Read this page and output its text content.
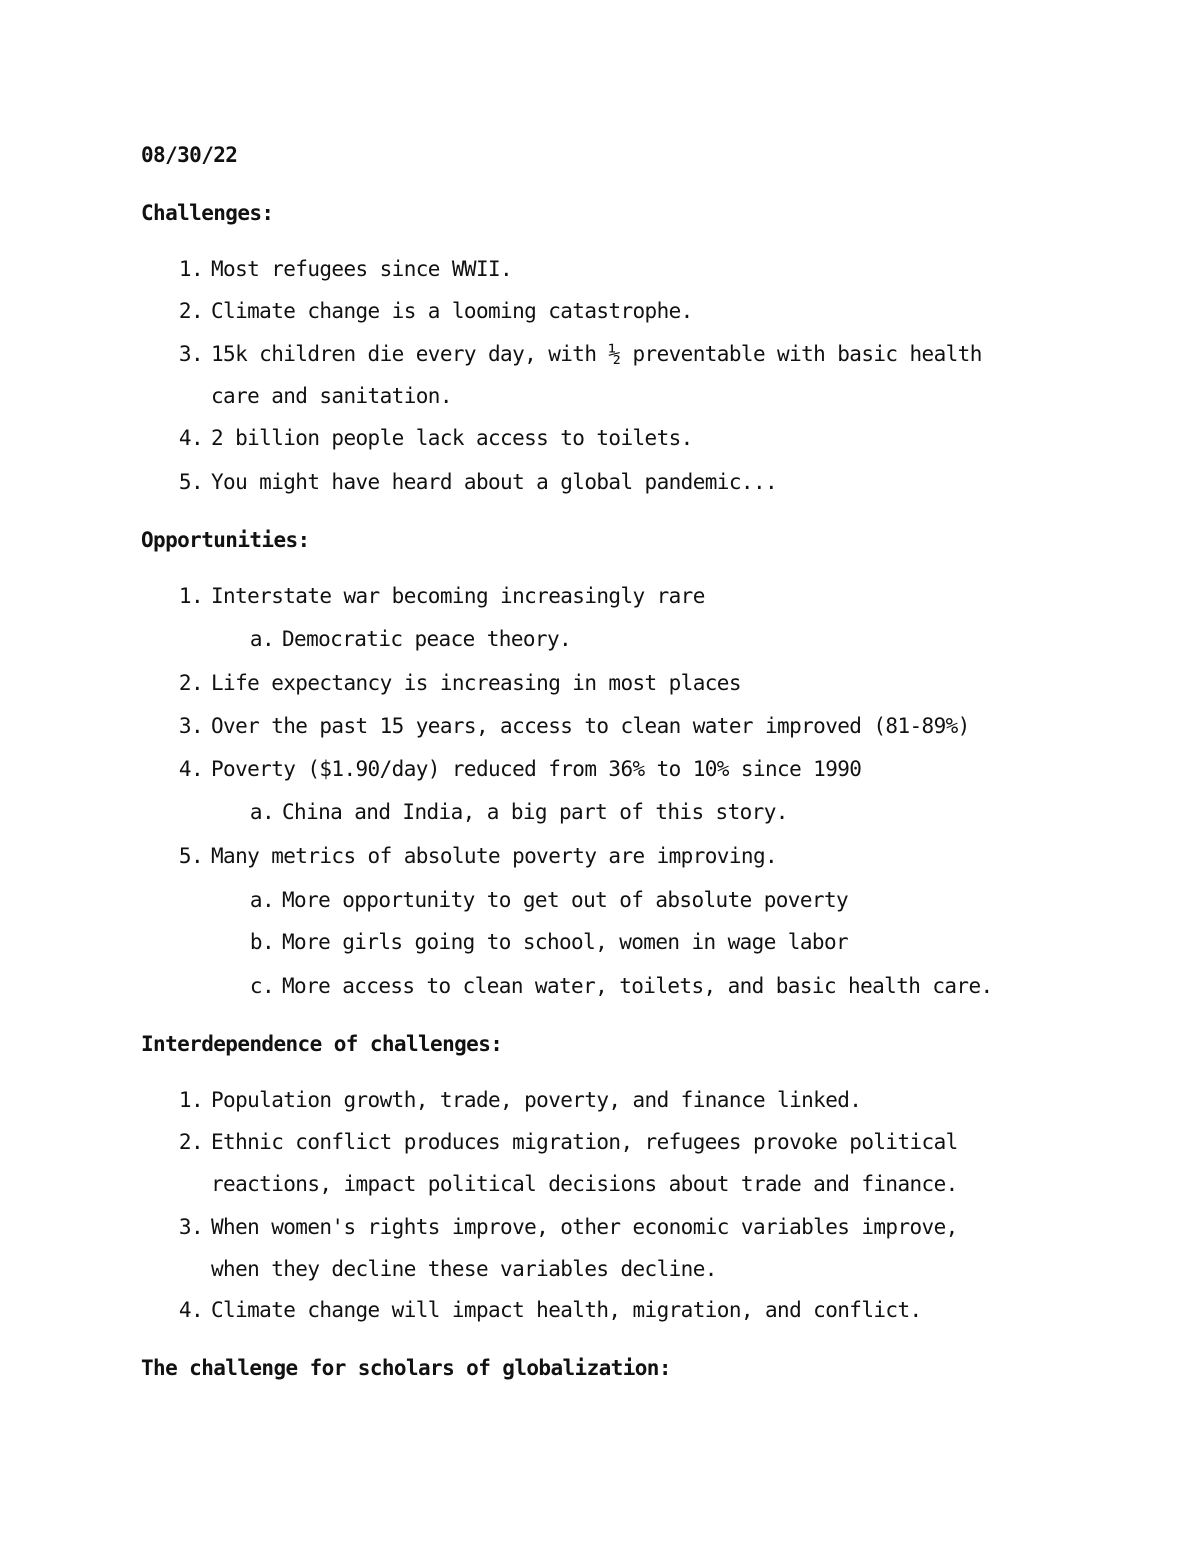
08/30/22
Challenges:
1. Most refugees since WWII.
2. Climate change is a looming catastrophe.
3. 15k children die every day, with ½ preventable with basic health
care and sanitation.
4. 2 billion people lack access to toilets.
5. You might have heard about a global pandemic...
Opportunities:
1. Interstate war becoming increasingly rare
a. Democratic peace theory.
2. Life expectancy is increasing in most places
3. Over the past 15 years, access to clean water improved (81-89%)
4. Poverty ($1.90/day) reduced from 36% to 10% since 1990
a. China and India, a big part of this story.
5. Many metrics of absolute poverty are improving.
a. More opportunity to get out of absolute poverty
b. More girls going to school, women in wage labor
c. More access to clean water, toilets, and basic health care.
Interdependence of challenges:
1. Population growth, trade, poverty, and finance linked.
2. Ethnic conflict produces migration, refugees provoke political
reactions, impact political decisions about trade and finance.
3. When women's rights improve, other economic variables improve,
when they decline these variables decline.
4. Climate change will impact health, migration, and conflict.
The challenge for scholars of globalization:
